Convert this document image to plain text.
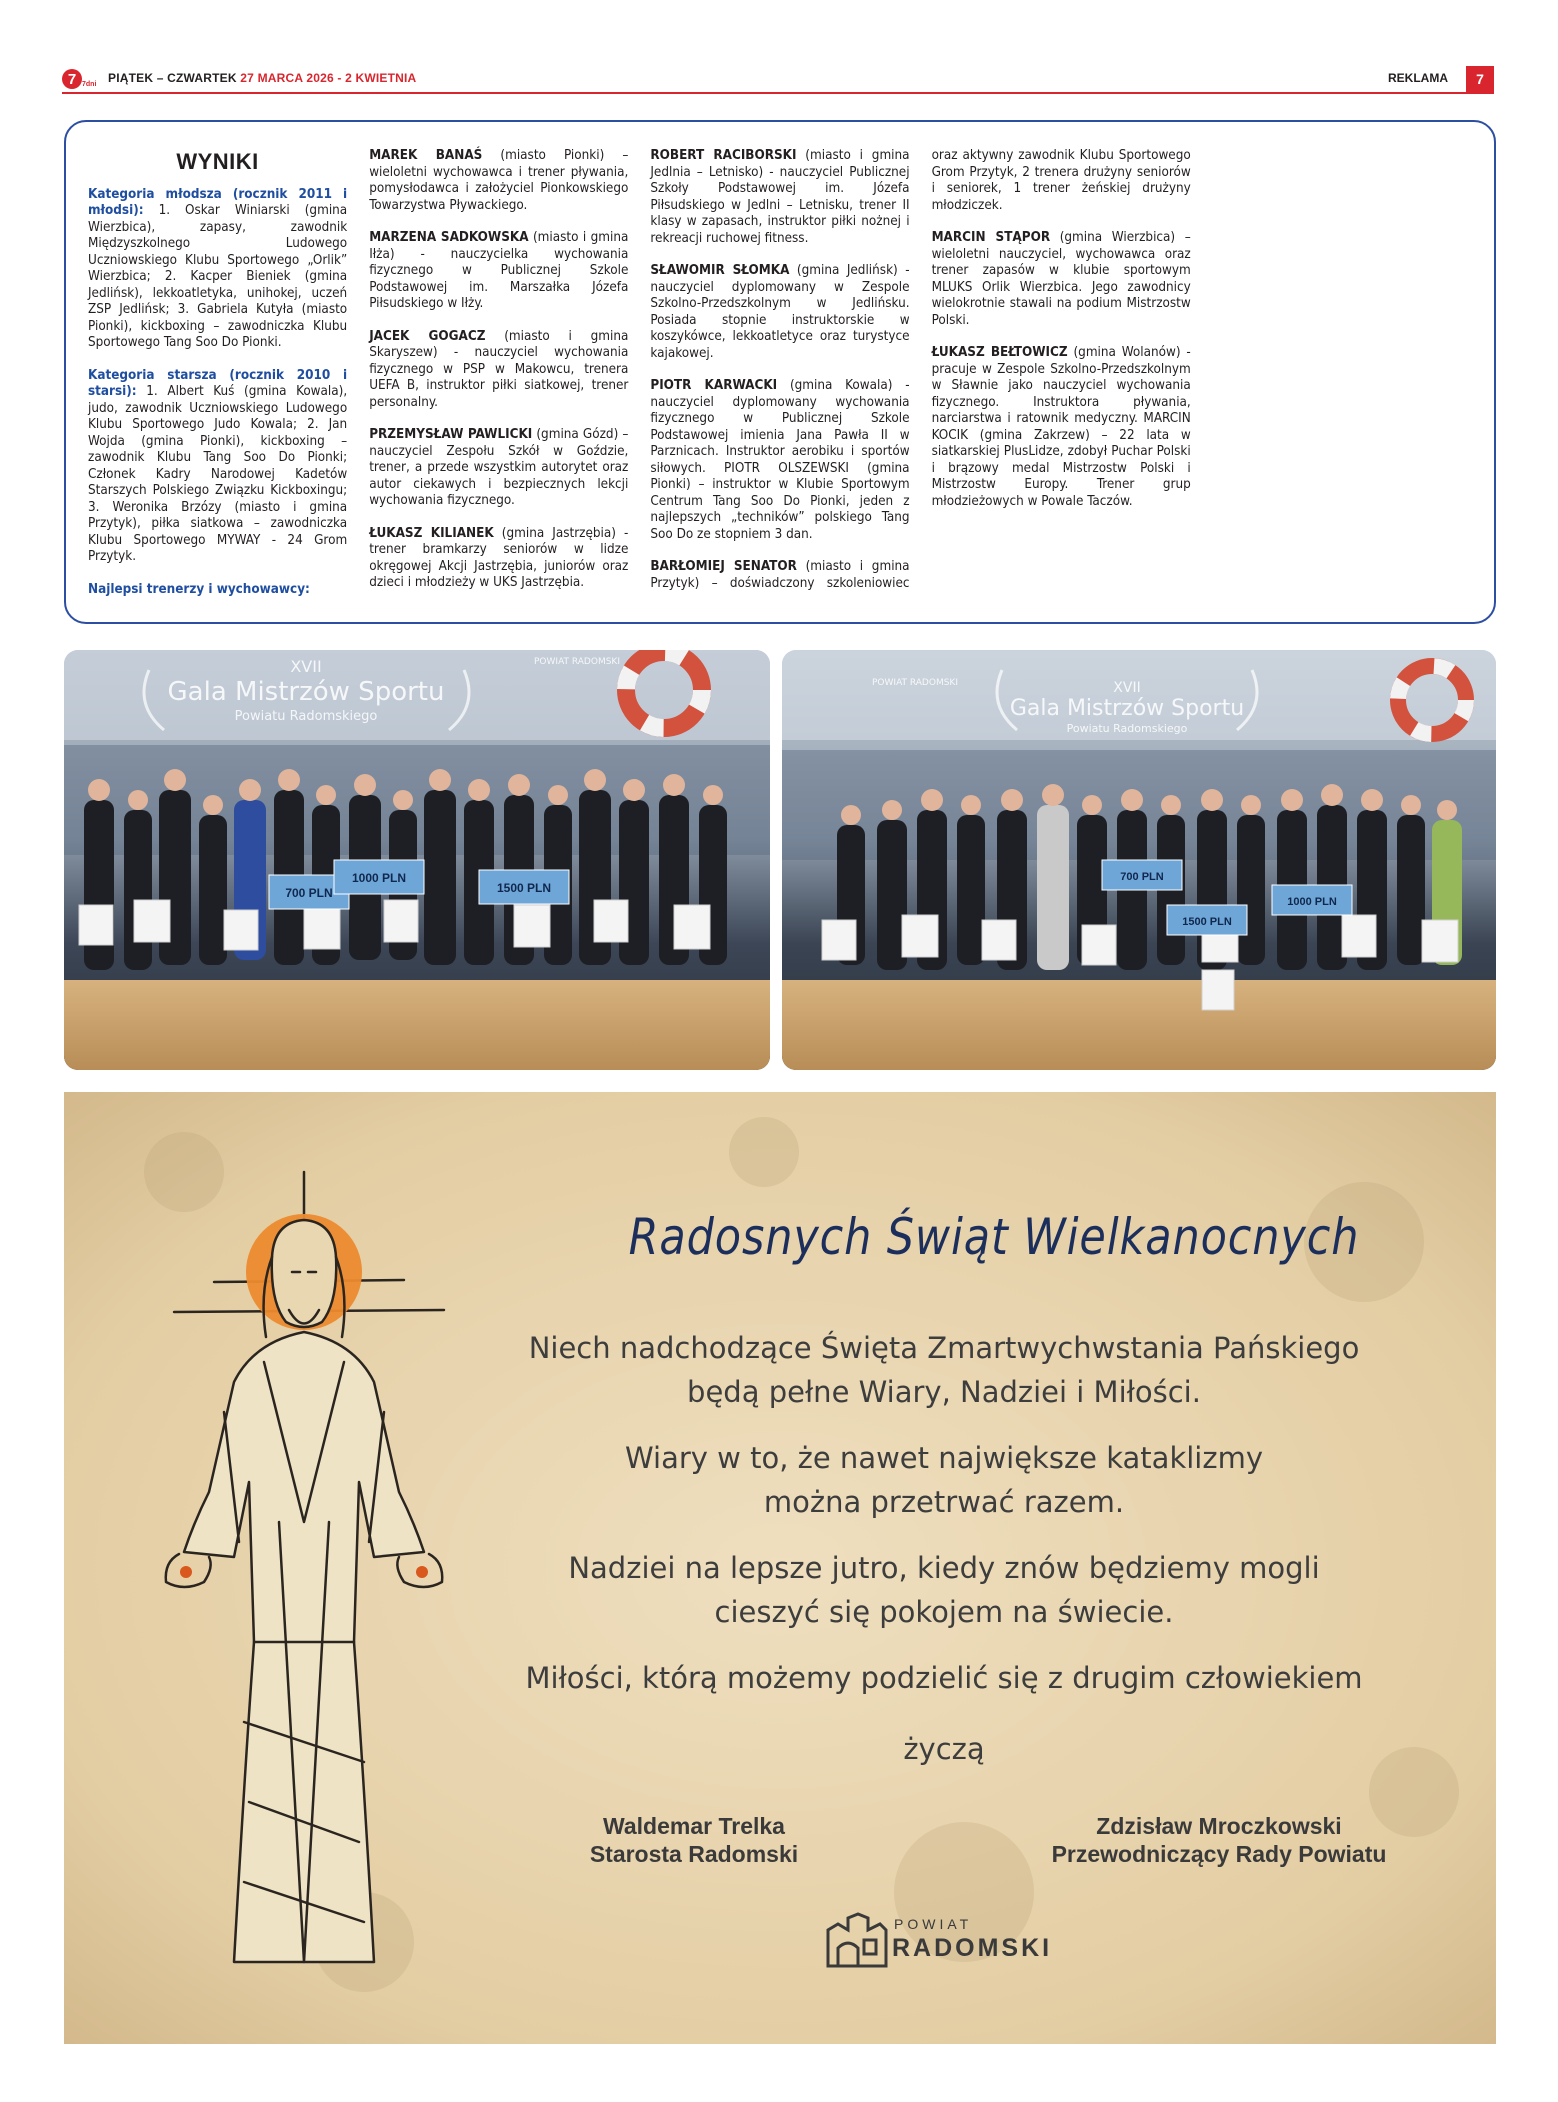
7 7dni PIĄTEK – CZWARTEK 27 MARCA 2026 - 2 KWIETNIA	REKLAMA	7
WYNIKI

Kategoria młodsza (rocznik 2011 i młodsi): 1. Oskar Winiarski (gmina Wierzbica), zapasy, zawodnik Międzyszkolnego Ludowego Uczniowskiego Klubu Sportowego „Orlik” Wierzbica; 2. Kacper Bieniek (gmina Jedlińsk), lekkoatletyka, unihokej, uczeń ZSP Jedlińsk; 3. Gabriela Kutyła (miasto Pionki), kickboxing – zawodniczka Klubu Sportowego Tang Soo Do Pionki.

Kategoria starsza (rocznik 2010 i starsi): 1. Albert Kuś (gmina Kowala), judo, zawodnik Uczniowskiego Ludowego Klubu Sportowego Judo Kowala; 2. Jan Wojda (gmina Pionki), kickboxing – zawodnik Klubu Tang Soo Do Pionki; Członek Kadry Narodowej Kadetów Starszych Polskiego Związku Kickboxingu; 3. Weronika Brzózy (miasto i gmina Przytyk), piłka siatkowa – zawodniczka Klubu Sportowego MYWAY - 24 Grom Przytyk.

Najlepsi trenerzy i wychowawcy:

MAREK BANAŚ (miasto Pionki) – wieloletni wychowawca i trener pływania, pomysłodawca i założyciel Pionkowskiego Towarzystwa Pływackiego.

MARZENA SADKOWSKA (miasto i gmina Iłża) - nauczycielka wychowania fizycznego w Publicznej Szkole Podstawowej im. Marszałka Józefa Piłsudskiego w Iłży.

JACEK GOGACZ (miasto i gmina Skaryszew) - nauczyciel wychowania fizycznego w PSP w Makowcu, trenera UEFA B, instruktor piłki siatkowej, trener personalny.

PRZEMYSŁAW PAWLICKI (gmina Gózd) – nauczyciel Zespołu Szkół w Goździe, trener, a przede wszystkim autorytet oraz autor ciekawych i bezpiecznych lekcji wychowania fizycznego.

ŁUKASZ KILIANEK (gmina Jastrzębia) - trener bramkarzy seniorów w lidze okręgowej Akcji Jastrzębia, juniorów oraz dzieci i młodzieży w UKS Jastrzębia.

ROBERT RACIBORSKI (miasto i gmina Jedlnia – Letnisko) - nauczyciel Publicznej Szkoły Podstawowej im. Józefa Piłsudskiego w Jedlni – Letnisku, trener II klasy w zapasach, instruktor piłki nożnej i rekreacji ruchowej fitness.

SŁAWOMIR SŁOMKA (gmina Jedlińsk) - nauczyciel dyplomowany w Zespole Szkolno-Przedszkolnym w Jedlińsku. Posiada stopnie instruktorskie w koszykówce, lekkoatletyce oraz turystyce kajakowej.

PIOTR KARWACKI (gmina Kowala) - nauczyciel dyplomowany wychowania fizycznego w Publicznej Szkole Podstawowej imienia Jana Pawła II w Parznicach. Instruktor aerobiku i sportów siłowych. PIOTR OLSZEWSKI (gmina Pionki) – instruktor w Klubie Sportowym Centrum Tang Soo Do Pionki, jeden z najlepszych „techników” polskiego Tang Soo Do ze stopniem 3 dan.

BARŁOMIEJ SENATOR (miasto i gmina Przytyk) – doświadczony szkoleniowiec oraz aktywny zawodnik Klubu Sportowego Grom Przytyk, 2 trenera drużyny seniorów i seniorek, 1 trener żeńskiej drużyny młodziczek.

MARCIN STĄPOR (gmina Wierzbica) – wieloletni nauczyciel, wychowawca oraz trener zapasów w klubie sportowym MLUKS Orlik Wierzbica. Jego zawodnicy wielokrotnie stawali na podium Mistrzostw Polski.

ŁUKASZ BEŁTOWICZ (gmina Wolanów) - pracuje w Zespole Szkolno-Przedszkolnym w Sławnie jako nauczyciel wychowania fizycznego. Instruktora pływania, narciarstwa i ratownik medyczny. MARCIN KOCIK (gmina Zakrzew) – 22 lata w siatkarskiej PlusLidze, zdobył Puchar Polski i brązowy medal Mistrzostw Polski i Mistrzostw Europy. Trener grup młodzieżowych w Powale Taczów.

XVII
Gala Mistrzów Sportu
Powiatu Radomskiego
POWIAT RADOMSKI
700 PLN
1000 PLN
1500 PLN
XVII
Gala Mistrzów Sportu
Powiatu Radomskiego
POWIAT RADOMSKI
700 PLN
1500 PLN
1000 PLN
Radosnych Świąt Wielkanocnych
Niech nadchodzące Święta Zmartwychwstania Pańskiego
będą pełne Wiary, Nadziei i Miłości.
Wiary w to, że nawet największe kataklizmy
można przetrwać razem.
Nadziei na lepsze jutro, kiedy znów będziemy mogli
cieszyć się pokojem na świecie.
Miłości, którą możemy podzielić się z drugim człowiekiem
życzą
Waldemar Trelka
Starosta Radomski
Zdzisław Mroczkowski
Przewodniczący Rady Powiatu
POWIAT
RADOMSKI
